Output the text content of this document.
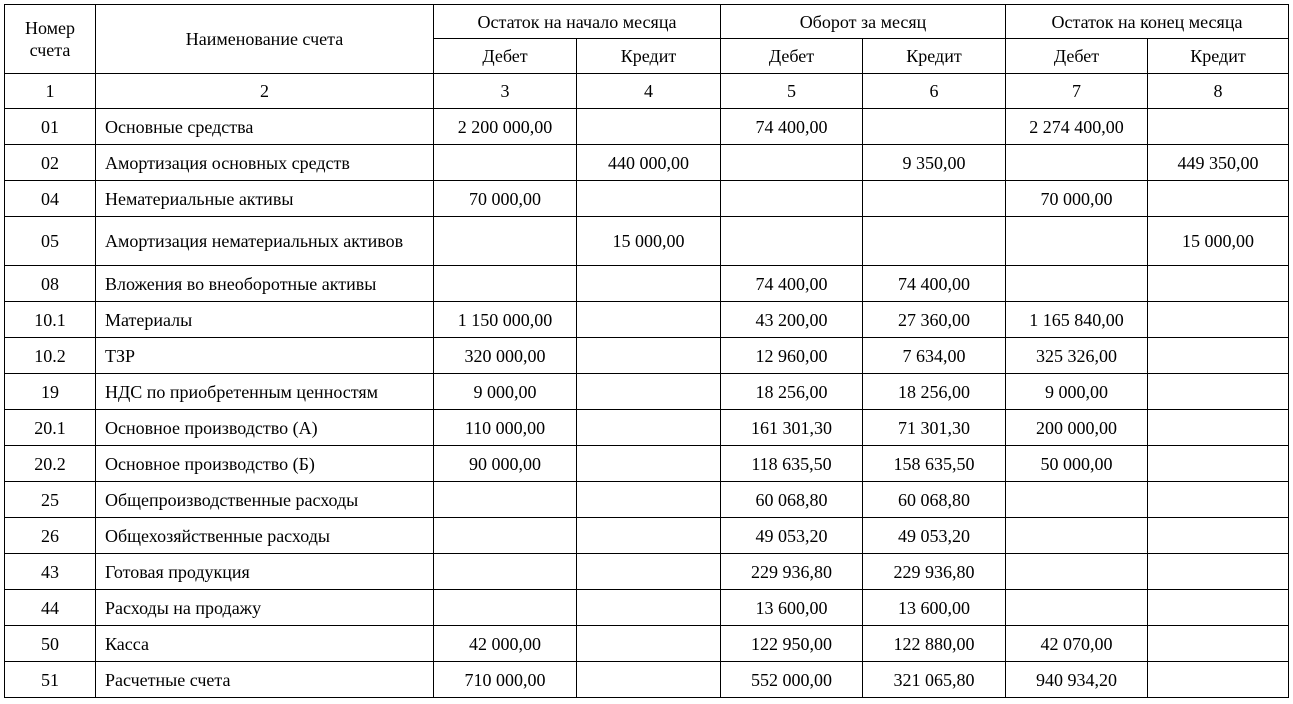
Номер счета	Наименование счета	Остаток на начало месяца		Оборот за месяц		Остаток на конец месяца	
		Дебет	Кредит	Дебет	Кредит	Дебет	Кредит
1	2	3	4	5	6	7	8
01	Основные средства	2 200 000,00		74 400,00		2 274 400,00	
02	Амортизация основных средств		440 000,00		9 350,00		449 350,00
04	Нематериальные активы	70 000,00				70 000,00	
05	Амортизация нематериальных активов		15 000,00				15 000,00
08	Вложения во внеоборотные активы			74 400,00	74 400,00		
10.1	Материалы	1 150 000,00		43 200,00	27 360,00	1 165 840,00	
10.2	ТЗР	320 000,00		12 960,00	7 634,00	325 326,00	
19	НДС по приобретенным ценностям	9 000,00		18 256,00	18 256,00	9 000,00	
20.1	Основное производство (А)	110 000,00		161 301,30	71 301,30	200 000,00	
20.2	Основное производство (Б)	90 000,00		118 635,50	158 635,50	50 000,00	
25	Общепроизводственные расходы			60 068,80	60 068,80		
26	Общехозяйственные расходы			49 053,20	49 053,20		
43	Готовая продукция			229 936,80	229 936,80		
44	Расходы на продажу			13 600,00	13 600,00		
50	Касса	42 000,00		122 950,00	122 880,00	42 070,00	
51	Расчетные счета	710 000,00		552 000,00	321 065,80	940 934,20	
